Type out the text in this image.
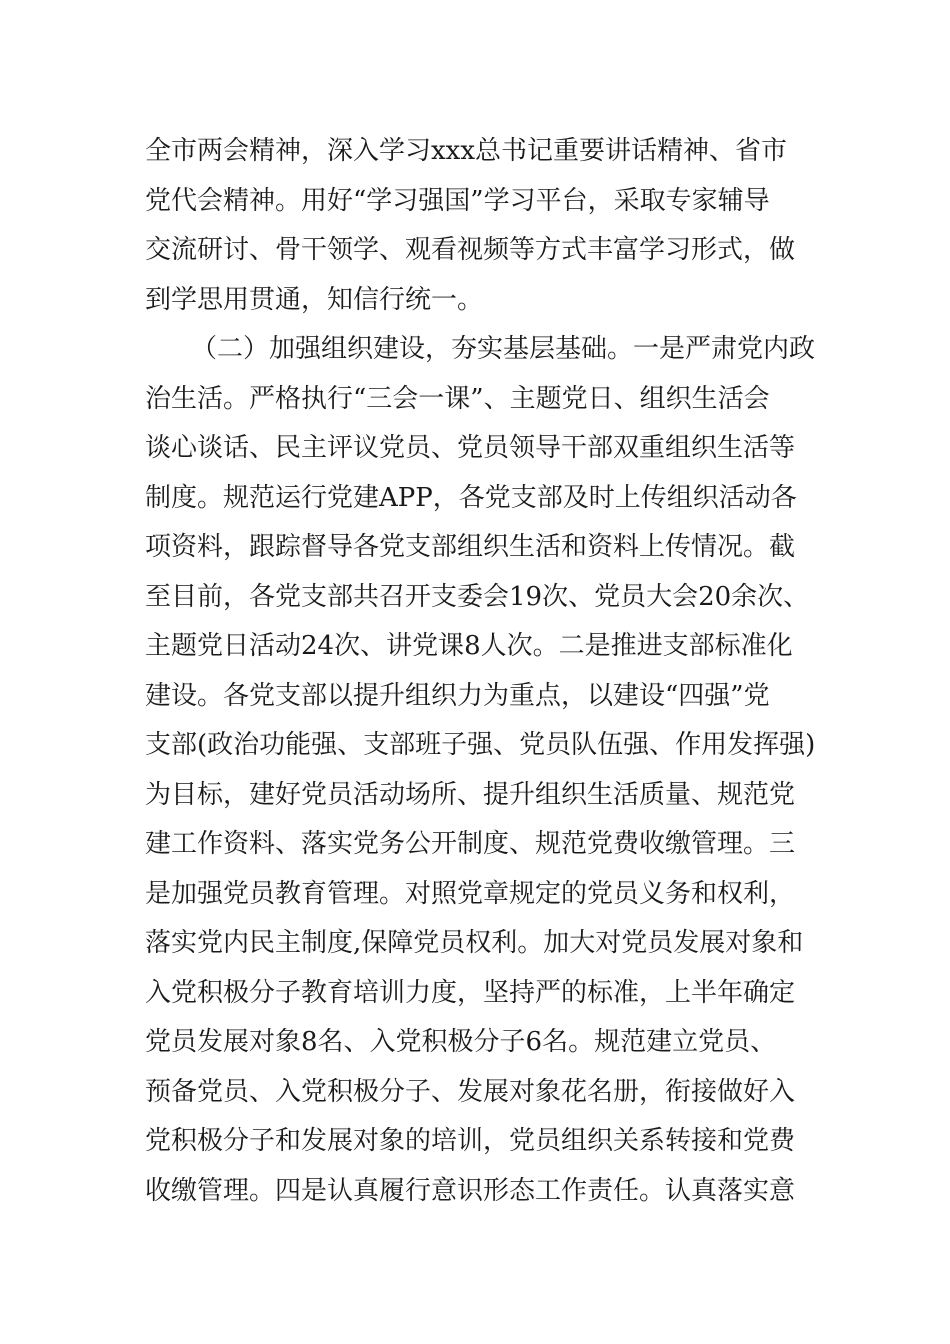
全市两会精神，深入学习xxx总书记重要讲话精神、省市
党代会精神。用好“学习强国”学习平台，采取专家辅导
交流研讨、骨干领学、观看视频等方式丰富学习形式，做
到学思用贯通，知信行统一。
（二）加强组织建设，夯实基层基础。一是严肃党内政
治生活。严格执行“三会一课”、主题党日、组织生活会
谈心谈话、民主评议党员、党员领导干部双重组织生活等
制度。规范运行党建APP，各党支部及时上传组织活动各
项资料，跟踪督导各党支部组织生活和资料上传情况。截
至目前，各党支部共召开支委会19次、党员大会20余次、
主题党日活动24次、讲党课8人次。二是推进支部标准化
建设。各党支部以提升组织力为重点，以建设“四强”党
支部(政治功能强、支部班子强、党员队伍强、作用发挥强)
为目标，建好党员活动场所、提升组织生活质量、规范党
建工作资料、落实党务公开制度、规范党费收缴管理。三
是加强党员教育管理。对照党章规定的党员义务和权利，
落实党内民主制度,保障党员权利。加大对党员发展对象和
入党积极分子教育培训力度，坚持严的标准，上半年确定
党员发展对象8名、入党积极分子6名。规范建立党员、
预备党员、入党积极分子、发展对象花名册，衔接做好入
党积极分子和发展对象的培训，党员组织关系转接和党费
收缴管理。四是认真履行意识形态工作责任。认真落实意
